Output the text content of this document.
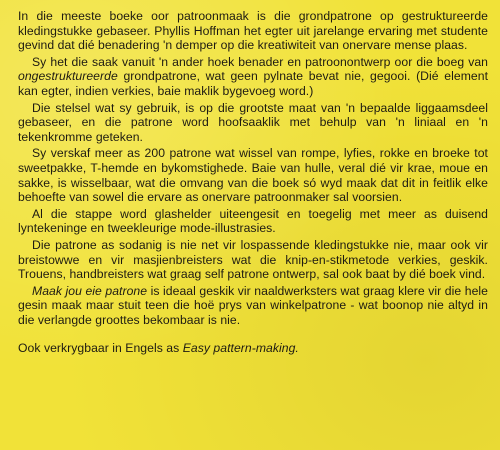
In die meeste boeke oor patroonmaak is die grondpatrone op gestruktureerde kledingstukke gebaseer. Phyllis Hoffman het egter uit jarelange ervaring met studente gevind dat dié benadering 'n demper op die kreatiwiteit van onervare mense plaas.

Sy het die saak vanuit 'n ander hoek benader en patroonontwerp oor die boeg van ongestruktureerde grondpatrone, wat geen pylnate bevat nie, gegooi. (Dié element kan egter, indien verkies, baie maklik bygevoeg word.)

Die stelsel wat sy gebruik, is op die grootste maat van 'n bepaalde liggaamsdeel gebaseer, en die patrone word hoofsaaklik met behulp van 'n liniaal en 'n tekenkromme geteken.

Sy verskaf meer as 200 patrone wat wissel van rompe, lyfies, rokke en broeke tot sweetpakke, T-hemde en bykomstighede. Baie van hulle, veral dié vir krae, moue en sakke, is wisselbaar, wat die omvang van die boek só wyd maak dat dit in feitlik elke behoefte van sowel die ervare as onervare patroonmaker sal voorsien.

Al die stappe word glashelder uiteengesit en toegelig met meer as duisend lyntekeninge en tweekleurige mode-illustrasies.

Die patrone as sodanig is nie net vir lospassende kledingstukke nie, maar ook vir breistowwe en vir masjienbreisters wat die knip-en-stikmetode verkies, geskik. Trouens, handbreisters wat graag self patrone ontwerp, sal ook baat by dié boek vind.

Maak jou eie patrone is ideaal geskik vir naaldwerksters wat graag klere vir die hele gesin maak maar stuit teen die hoë prys van winkelpatrone - wat boonop nie altyd in die verlangde groottes bekombaar is nie.

Ook verkrygbaar in Engels as Easy pattern-making.
